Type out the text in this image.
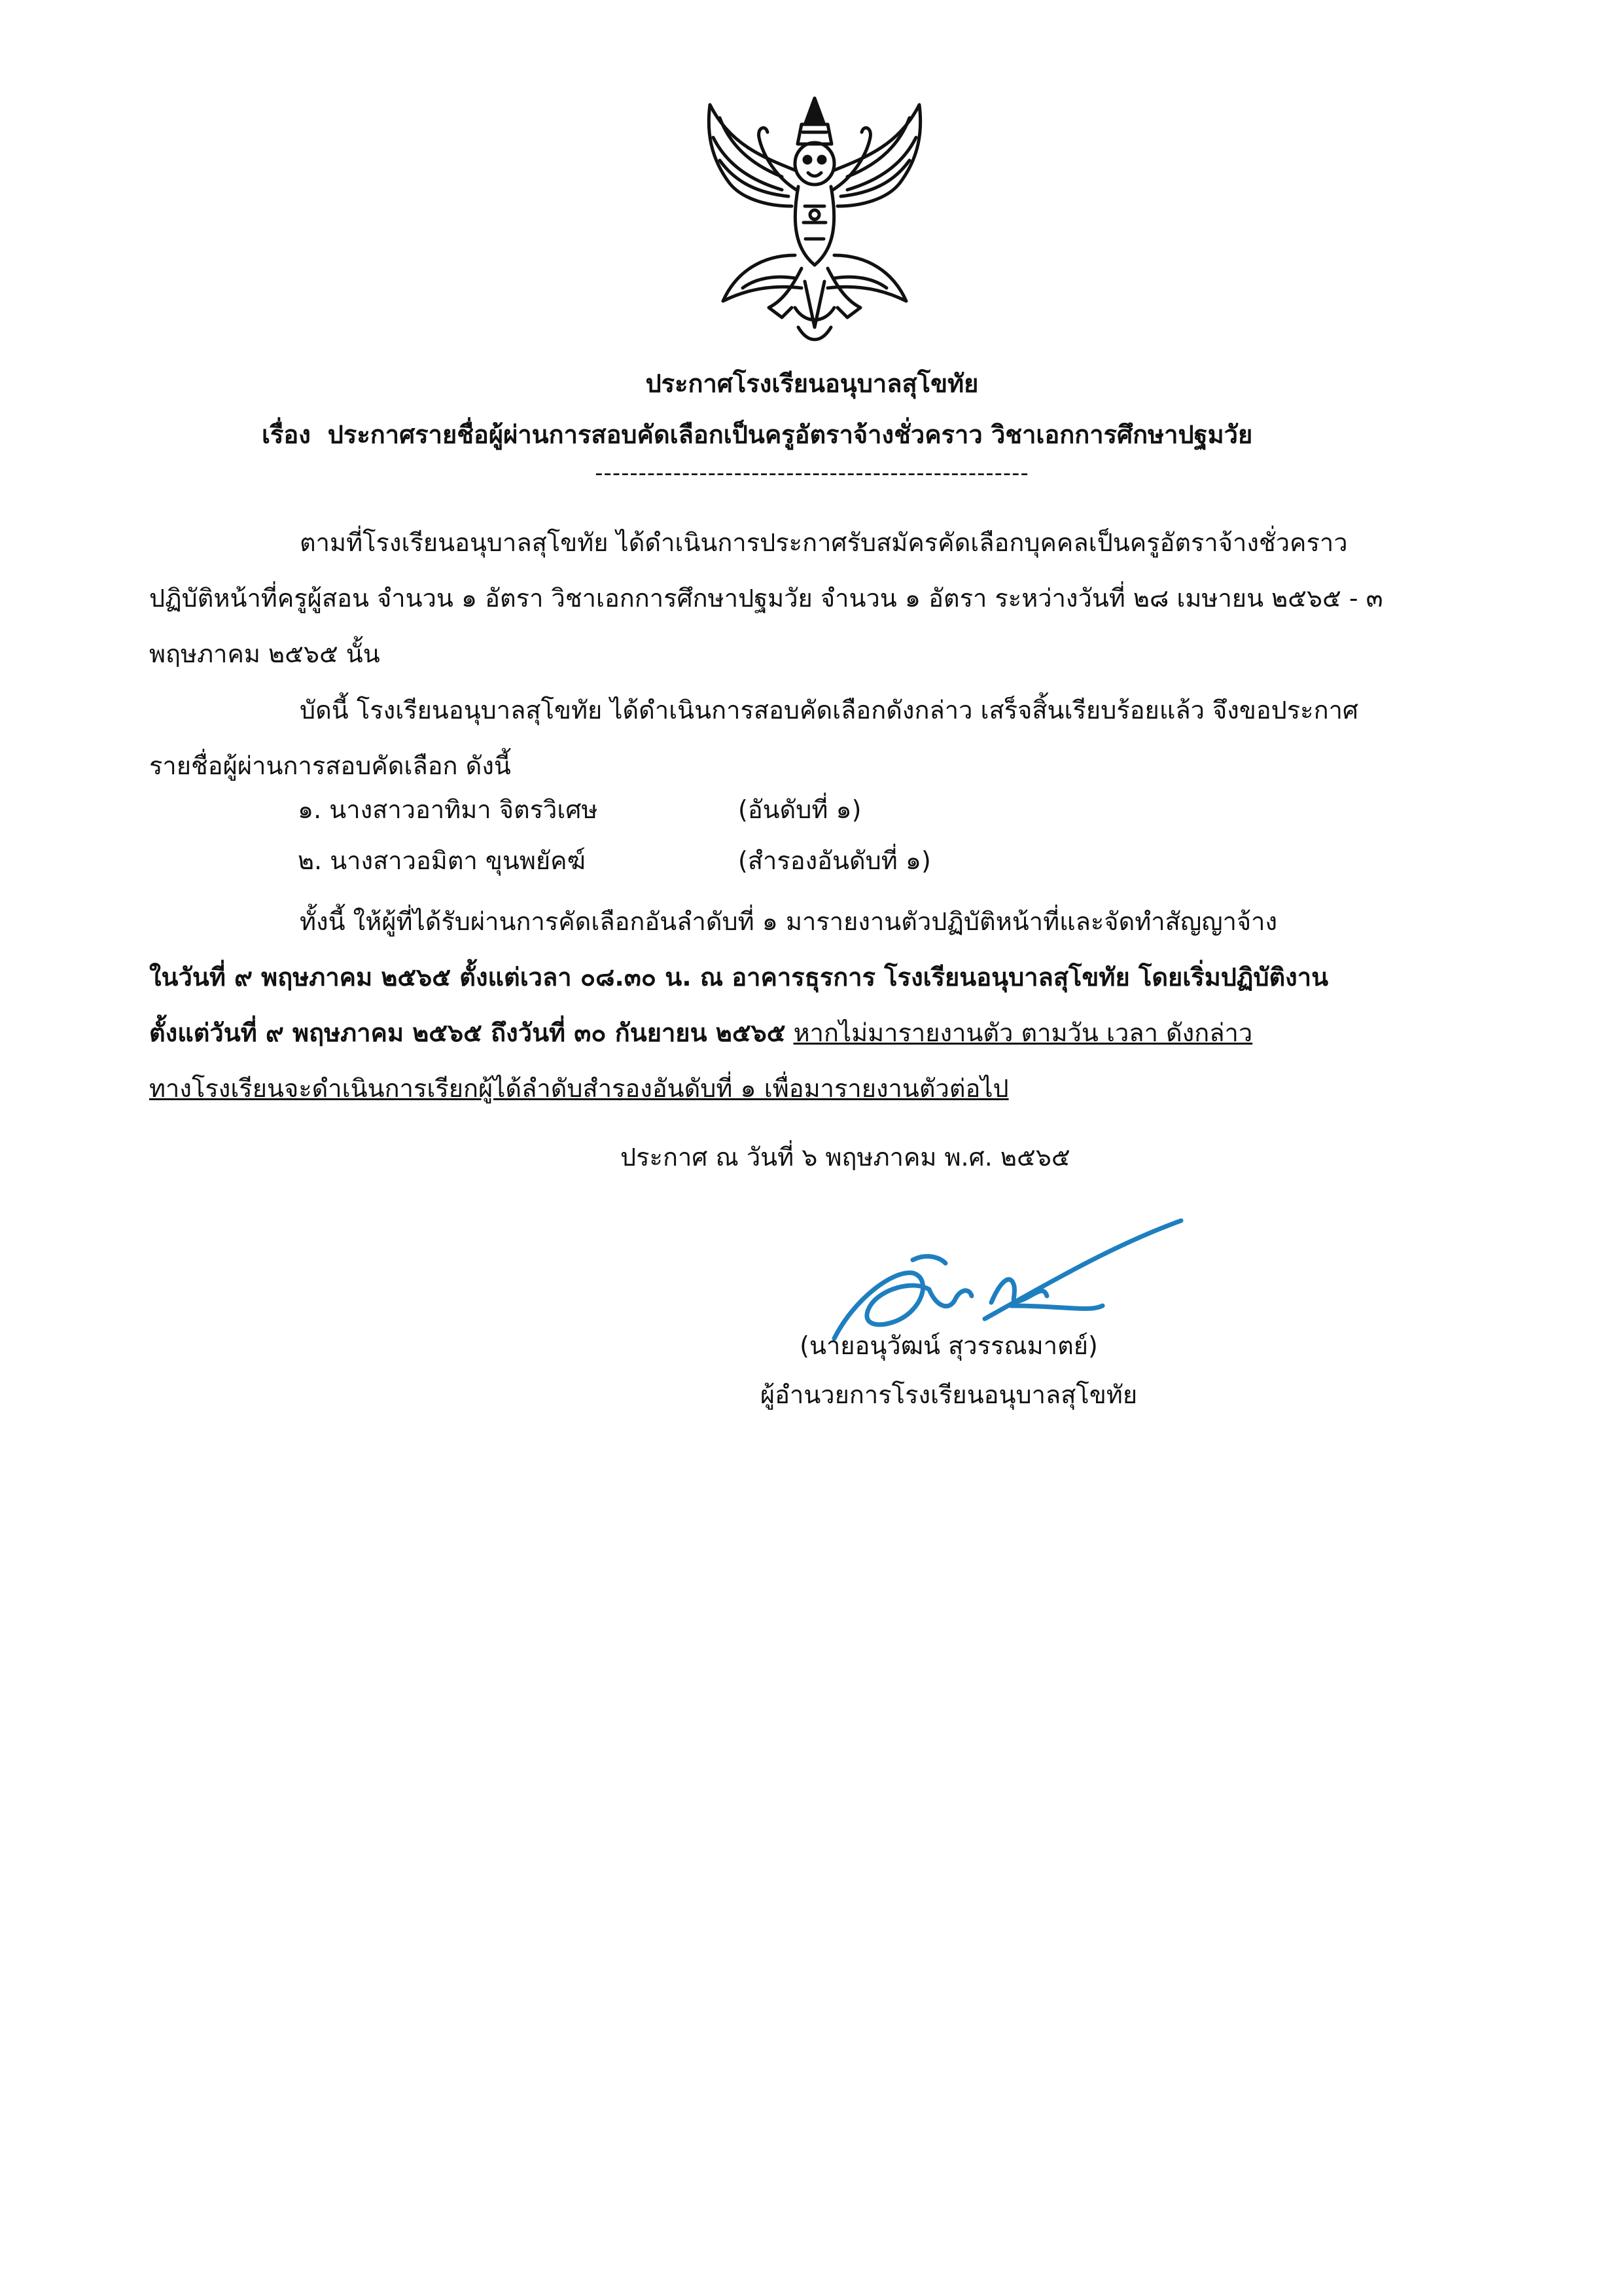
ประกาศโรงเรียนอนุบาลสุโขทัย
เรื่อง ประกาศรายชื่อผู้ผ่านการสอบคัดเลือกเป็นครูอัตราจ้างชั่วคราว วิชาเอกการศึกษาปฐมวัย
--------------------------------------------------
ตามที่โรงเรียนอนุบาลสุโขทัย ได้ดำเนินการประกาศรับสมัครคัดเลือกบุคคลเป็นครูอัตราจ้างชั่วคราว
ปฏิบัติหน้าที่ครูผู้สอน จำนวน ๑ อัตรา วิชาเอกการศึกษาปฐมวัย จำนวน ๑ อัตรา ระหว่างวันที่ ๒๘ เมษายน ๒๕๖๕ - ๓
พฤษภาคม ๒๕๖๕ นั้น
บัดนี้ โรงเรียนอนุบาลสุโขทัย ได้ดำเนินการสอบคัดเลือกดังกล่าว เสร็จสิ้นเรียบร้อยแล้ว จึงขอประกาศ
รายชื่อผู้ผ่านการสอบคัดเลือก ดังนี้
๑. นางสาวอาทิมา จิตรวิเศษ
๒. นางสาวอมิตา ขุนพยัคฆ์
(อันดับที่ ๑)
(สำรองอันดับที่ ๑)
ทั้งนี้ ให้ผู้ที่ได้รับผ่านการคัดเลือกอันลำดับที่ ๑ มารายงานตัวปฏิบัติหน้าที่และจัดทำสัญญาจ้าง
ในวันที่ ๙ พฤษภาคม ๒๕๖๕ ตั้งแต่เวลา ๐๘.๓๐ น. ณ อาคารธุรการ โรงเรียนอนุบาลสุโขทัย โดยเริ่มปฏิบัติงาน
ตั้งแต่วันที่ ๙ พฤษภาคม ๒๕๖๕ ถึงวันที่ ๓๐ กันยายน ๒๕๖๕ หากไม่มารายงานตัว ตามวัน เวลา ดังกล่าว
ทางโรงเรียนจะดำเนินการเรียกผู้ได้ลำดับสำรองอันดับที่ ๑ เพื่อมารายงานตัวต่อไป
ประกาศ ณ วันที่ ๖ พฤษภาคม พ.ศ. ๒๕๖๕
(นายอนุวัฒน์ สุวรรณมาตย์)
ผู้อำนวยการโรงเรียนอนุบาลสุโขทัย
